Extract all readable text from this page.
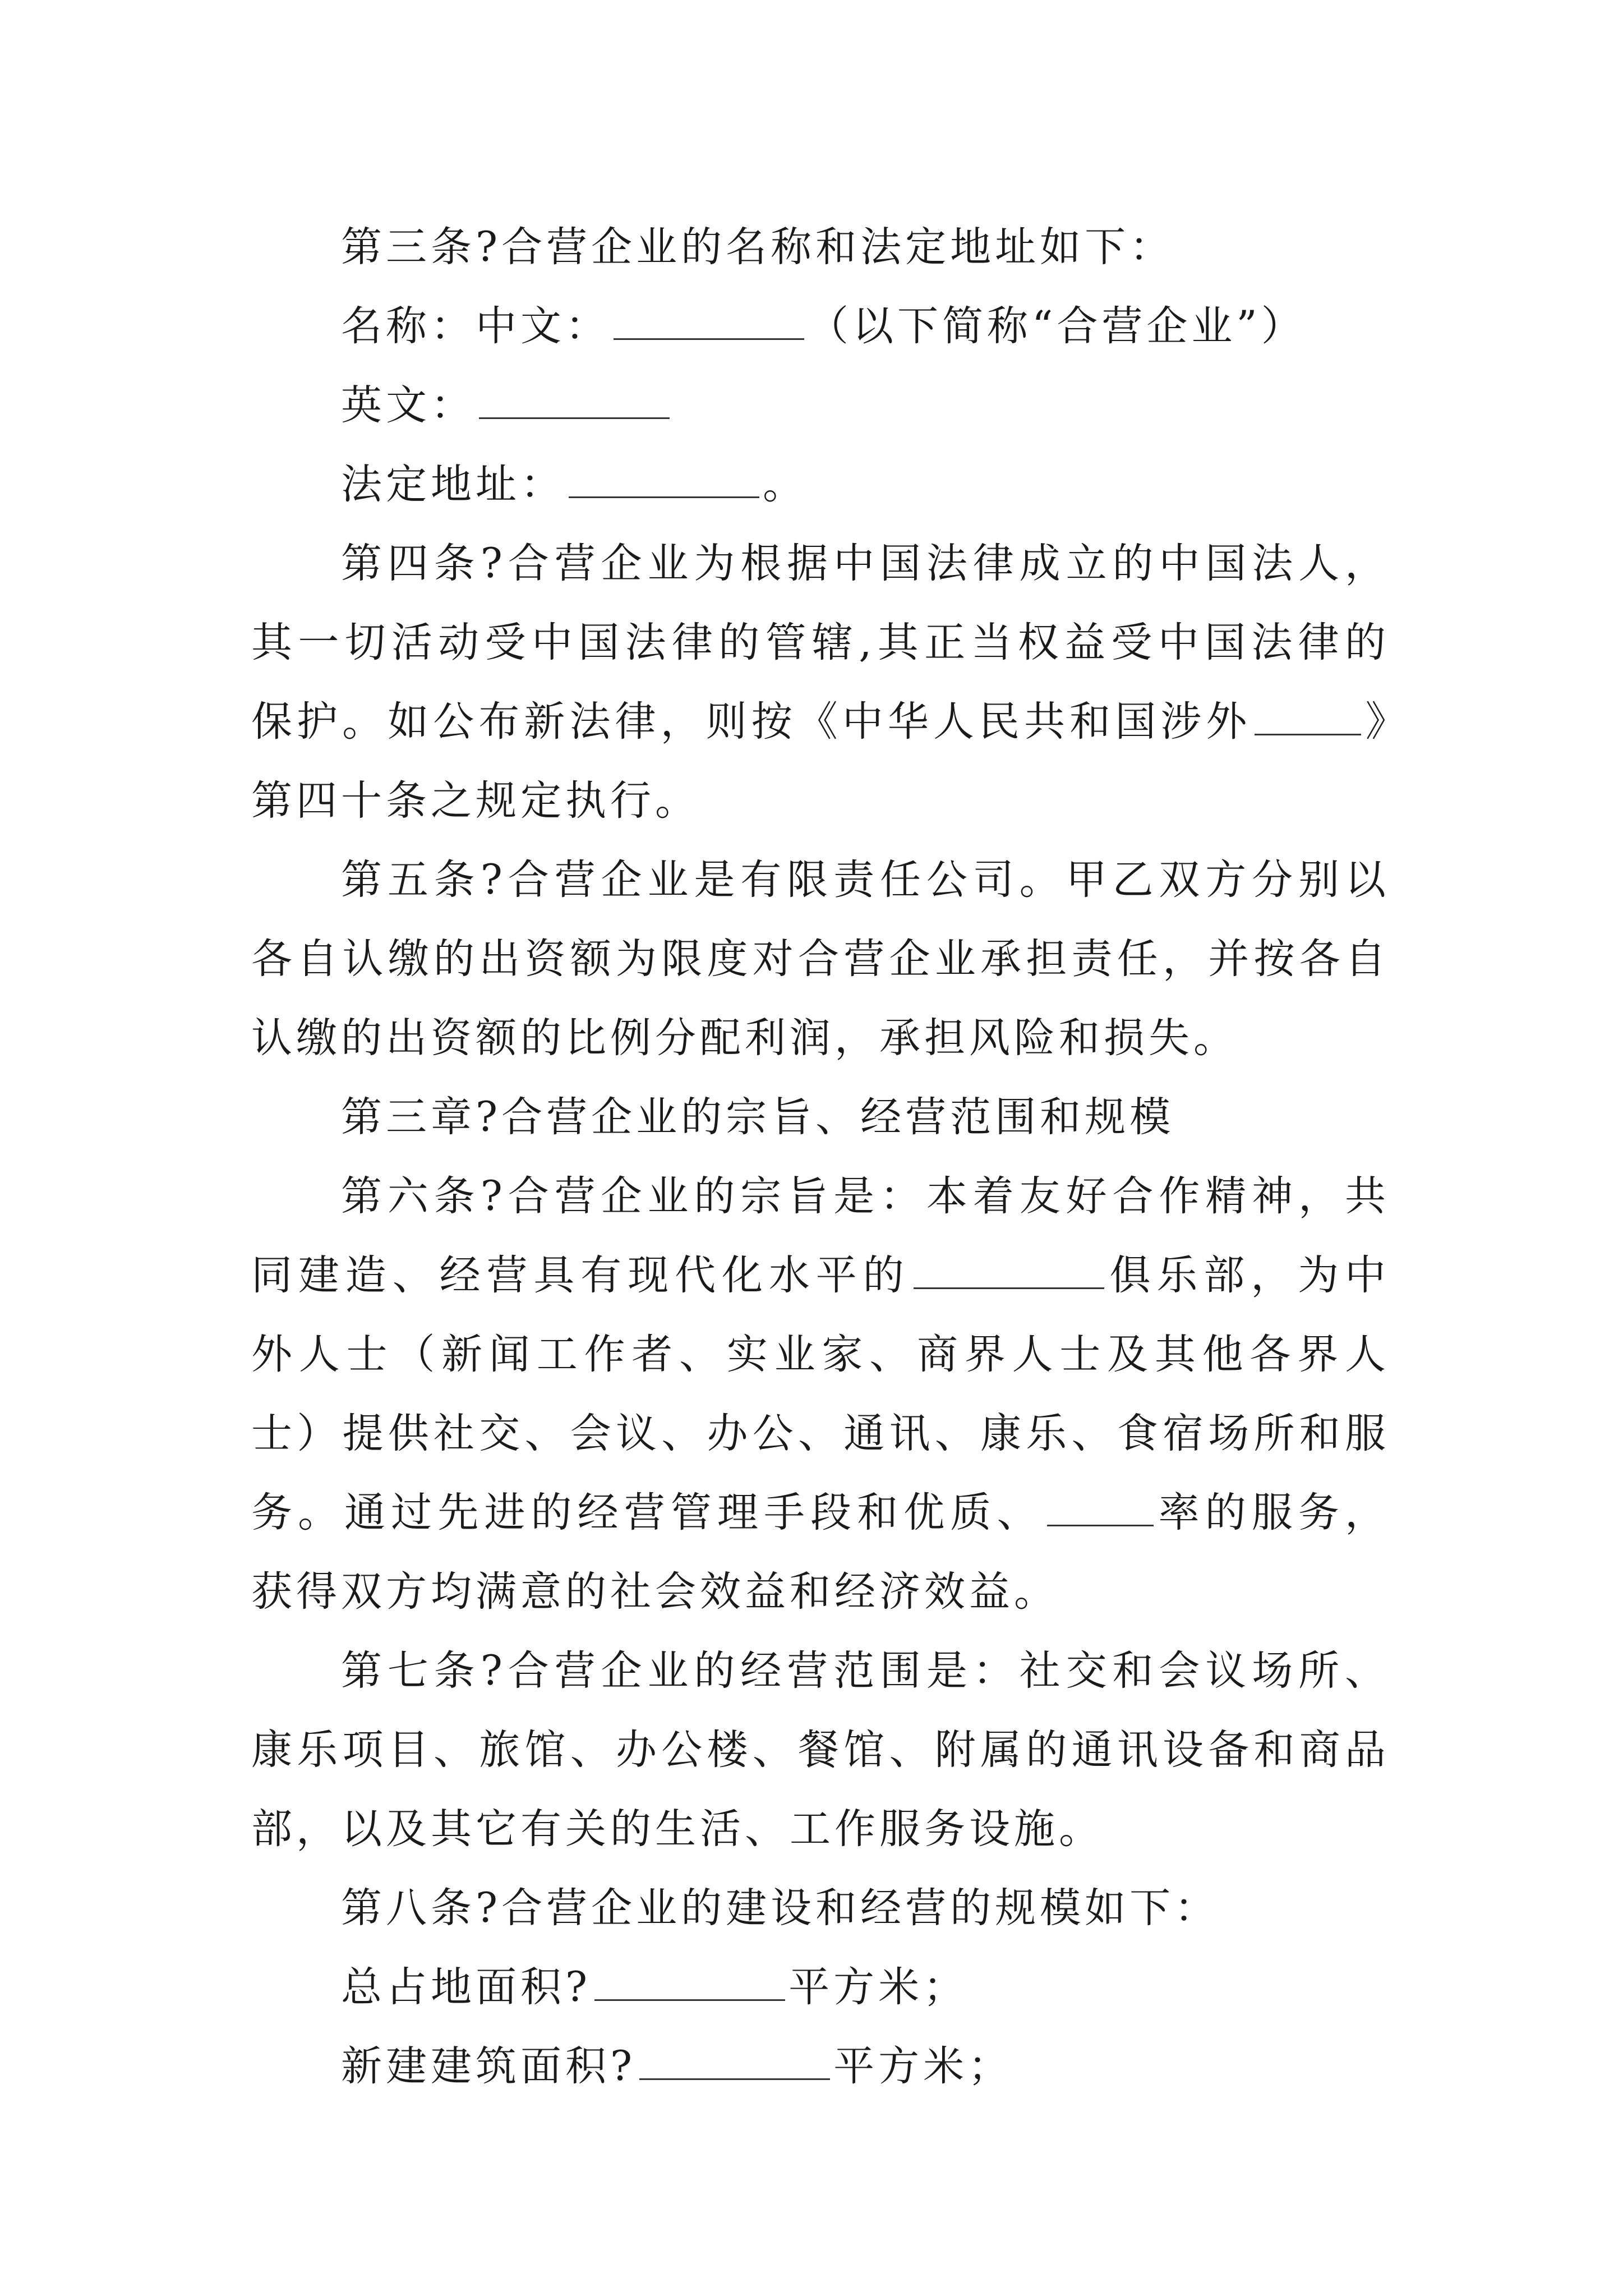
第三条?合营企业的名称和法定地址如下：

名称：中文：	（以下简称“合营企业”）

英文：

法定地址：	。

第四条?合营企业为根据中国法律成立的中国法人，其一切活动受中国法律的管辖,其正当权益受中国法律的保护。如公布新法律，则按《中华人民共和国涉外	》第四十条之规定执行。

第五条?合营企业是有限责任公司。甲乙双方分别以各自认缴的出资额为限度对合营企业承担责任，并按各自认缴的出资额的比例分配利润，承担风险和损失。

第三章?合营企业的宗旨、经营范围和规模

第六条?合营企业的宗旨是：本着友好合作精神，共同建造、经营具有现代化水平的	俱乐部，为中外人士（新闻工作者、实业家、商界人士及其他各界人士）提供社交、会议、办公、通讯、康乐、食宿场所和服务。通过先进的经营管理手段和优质、	率的服务，获得双方均满意的社会效益和经济效益。

第七条?合营企业的经营范围是：社交和会议场所、康乐项目、旅馆、办公楼、餐馆、附属的通讯设备和商品部，以及其它有关的生活、工作服务设施。

第八条?合营企业的建设和经营的规模如下：

总占地面积?	平方米；

新建建筑面积?	平方米；
